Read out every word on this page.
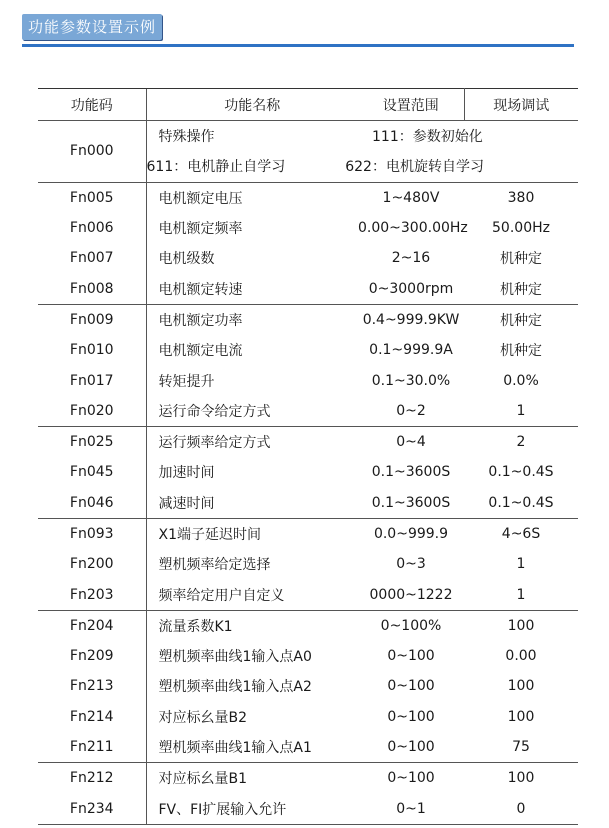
功能参数设置示例
功能码	功能名称	设置范围	现场调试
Fn000	特殊操作	111：参数初始化	
	611：电机静止自学习 622：电机旋转自学习		
Fn005	电机额定电压	1~480V	380
Fn006	电机额定频率	0.00~300.00Hz	50.00Hz
Fn007	电机级数	2~16	机种定
Fn008	电机额定转速	0~3000rpm	机种定
Fn009	电机额定功率	0.4~999.9KW	机种定
Fn010	电机额定电流	0.1~999.9A	机种定
Fn017	转矩提升	0.1~30.0%	0.0%
Fn020	运行命令给定方式	0~2	1
Fn025	运行频率给定方式	0~4	2
Fn045	加速时间	0.1~3600S	0.1~0.4S
Fn046	减速时间	0.1~3600S	0.1~0.4S
Fn093	X1端子延迟时间	0.0~999.9	4~6S
Fn200	塑机频率给定选择	0~3	1
Fn203	频率给定用户自定义	0000~1222	1
Fn204	流量系数K1	0~100%	100
Fn209	塑机频率曲线1输入点A0	0~100	0.00
Fn213	塑机频率曲线1输入点A2	0~100	100
Fn214	对应标幺量B2	0~100	100
Fn211	塑机频率曲线1输入点A1	0~100	75
Fn212	对应标幺量B1	0~100	100
Fn234	FV、FI扩展输入允许	0~1	0
